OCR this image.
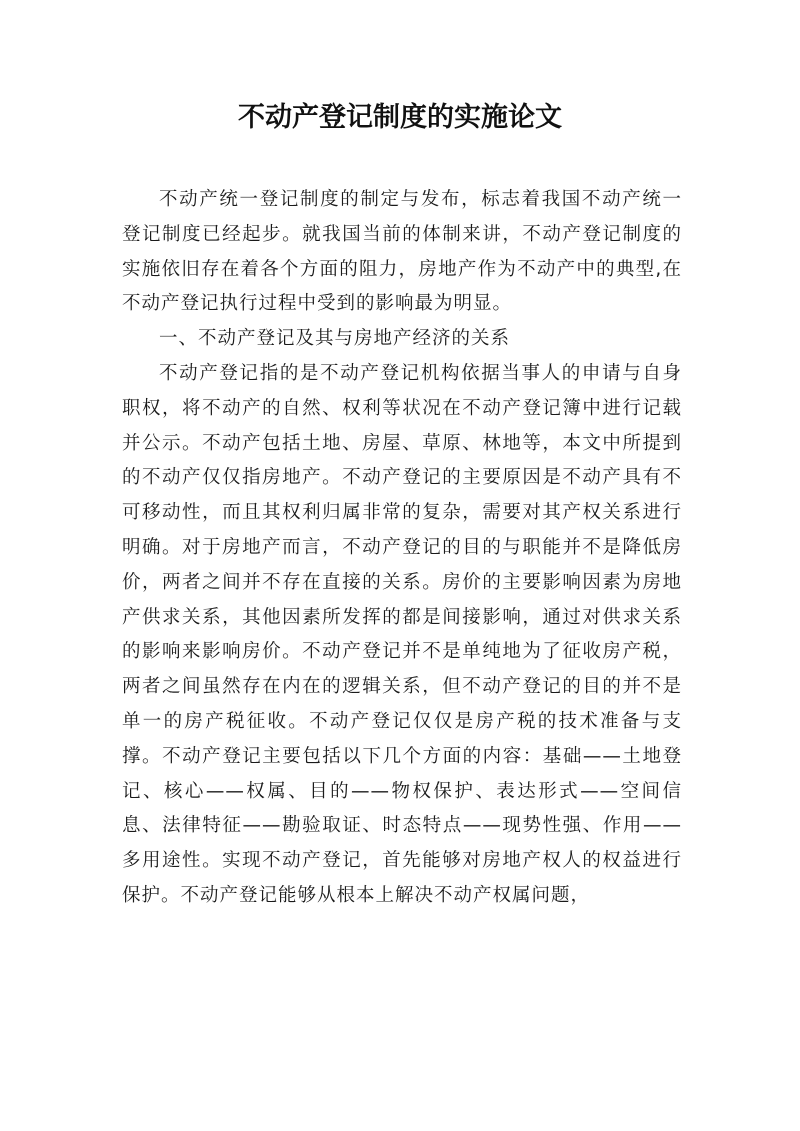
不动产登记制度的实施论文

不动产统一登记制度的制定与发布，标志着我国不动产统一登记制度已经起步。就我国当前的体制来讲，不动产登记制度的实施依旧存在着各个方面的阻力，房地产作为不动产中的典型,在不动产登记执行过程中受到的影响最为明显。

一、不动产登记及其与房地产经济的关系

不动产登记指的是不动产登记机构依据当事人的申请与自身职权，将不动产的自然、权利等状况在不动产登记簿中进行记载并公示。不动产包括土地、房屋、草原、林地等，本文中所提到的不动产仅仅指房地产。不动产登记的主要原因是不动产具有不可移动性，而且其权利归属非常的复杂，需要对其产权关系进行明确。对于房地产而言，不动产登记的目的与职能并不是降低房价，两者之间并不存在直接的关系。房价的主要影响因素为房地产供求关系，其他因素所发挥的都是间接影响，通过对供求关系的影响来影响房价。不动产登记并不是单纯地为了征收房产税，两者之间虽然存在内在的逻辑关系，但不动产登记的目的并不是单一的房产税征收。不动产登记仅仅是房产税的技术准备与支撑。不动产登记主要包括以下几个方面的内容：基础——土地登记、核心——权属、目的——物权保护、表达形式——空间信息、法律特征——勘验取证、时态特点——现势性强、作用——多用途性。实现不动产登记，首先能够对房地产权人的权益进行保护。不动产登记能够从根本上解决不动产权属问题，
